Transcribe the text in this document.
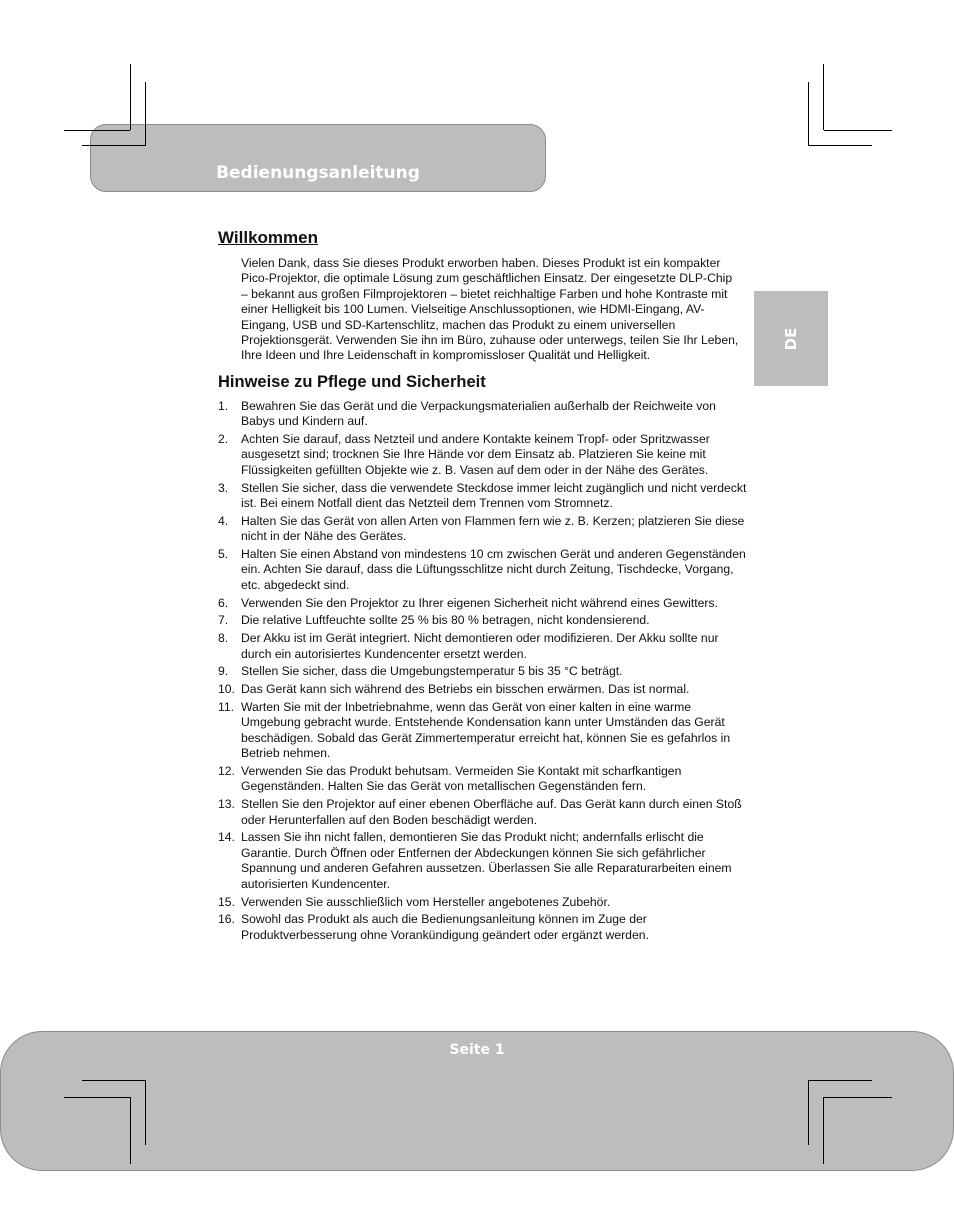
Bedienungsanleitung
DE
Seite 1
Willkommen

Vielen Dank, dass Sie dieses Produkt erworben haben. Dieses Produkt ist ein kompakter Pico-Projektor, die optimale Lösung zum geschäftlichen Einsatz. Der eingesetzte DLP-Chip – bekannt aus großen Filmprojektoren – bietet reichhaltige Farben und hohe Kontraste mit einer Helligkeit bis 100 Lumen. Vielseitige Anschlussoptionen, wie HDMI-Eingang, AV-Eingang, USB und SD-Kartenschlitz, machen das Produkt zu einem universellen Projektionsgerät. Verwenden Sie ihn im Büro, zuhause oder unterwegs, teilen Sie Ihr Leben, Ihre Ideen und Ihre Leidenschaft in kompromissloser Qualität und Helligkeit.

Hinweise zu Pflege und Sicherheit
1. Bewahren Sie das Gerät und die Verpackungsmaterialien außerhalb der Reichweite von Babys und Kindern auf.
2. Achten Sie darauf, dass Netzteil und andere Kontakte keinem Tropf- oder Spritzwasser ausgesetzt sind; trocknen Sie Ihre Hände vor dem Einsatz ab. Platzieren Sie keine mit Flüssigkeiten gefüllten Objekte wie z. B. Vasen auf dem oder in der Nähe des Gerätes.
3. Stellen Sie sicher, dass die verwendete Steckdose immer leicht zugänglich und nicht verdeckt ist. Bei einem Notfall dient das Netzteil dem Trennen vom Stromnetz.
4. Halten Sie das Gerät von allen Arten von Flammen fern wie z. B. Kerzen; platzieren Sie diese nicht in der Nähe des Gerätes.
5. Halten Sie einen Abstand von mindestens 10 cm zwischen Gerät und anderen Gegenständen ein. Achten Sie darauf, dass die Lüftungsschlitze nicht durch Zeitung, Tischdecke, Vorgang, etc. abgedeckt sind.
6. Verwenden Sie den Projektor zu Ihrer eigenen Sicherheit nicht während eines Gewitters.
7. Die relative Luftfeuchte sollte 25 % bis 80 % betragen, nicht kondensierend.
8. Der Akku ist im Gerät integriert. Nicht demontieren oder modifizieren. Der Akku sollte nur durch ein autorisiertes Kundencenter ersetzt werden.
9. Stellen Sie sicher, dass die Umgebungstemperatur 5 bis 35 °C beträgt.
10. Das Gerät kann sich während des Betriebs ein bisschen erwärmen. Das ist normal.
11. Warten Sie mit der Inbetriebnahme, wenn das Gerät von einer kalten in eine warme Umgebung gebracht wurde. Entstehende Kondensation kann unter Umständen das Gerät beschädigen. Sobald das Gerät Zimmertemperatur erreicht hat, können Sie es gefahrlos in Betrieb nehmen.
12. Verwenden Sie das Produkt behutsam. Vermeiden Sie Kontakt mit scharfkantigen Gegenständen. Halten Sie das Gerät von metallischen Gegenständen fern.
13. Stellen Sie den Projektor auf einer ebenen Oberfläche auf. Das Gerät kann durch einen Stoß oder Herunterfallen auf den Boden beschädigt werden.
14. Lassen Sie ihn nicht fallen, demontieren Sie das Produkt nicht; andernfalls erlischt die Garantie. Durch Öffnen oder Entfernen der Abdeckungen können Sie sich gefährlicher Spannung und anderen Gefahren aussetzen. Überlassen Sie alle Reparaturarbeiten einem autorisierten Kundencenter.
15. Verwenden Sie ausschließlich vom Hersteller angebotenes Zubehör.
16. Sowohl das Produkt als auch die Bedienungsanleitung können im Zuge der Produktverbesserung ohne Vorankündigung geändert oder ergänzt werden.
